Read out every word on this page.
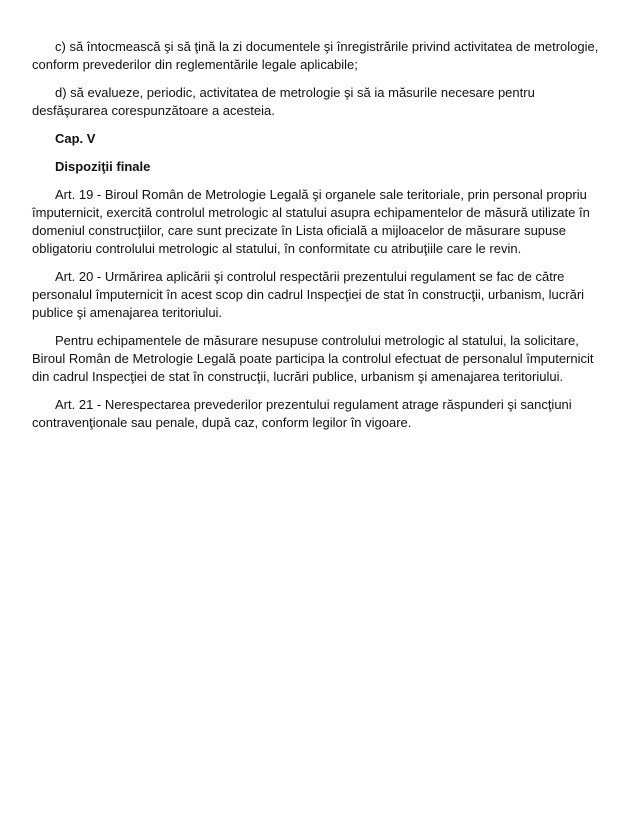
c) să întocmească şi să ţină la zi documentele şi înregistrările privind activitatea de metrologie, conform prevederilor din reglementările legale aplicabile;

d) să evalueze, periodic, activitatea de metrologie şi să ia măsurile necesare pentru desfăşurarea corespunzătoare a acesteia.

Cap. V

Dispoziţii finale

Art. 19 - Biroul Român de Metrologie Legală şi organele sale teritoriale, prin personal propriu împuternicit, exercită controlul metrologic al statului asupra echipamentelor de măsură utilizate în domeniul construcţiilor, care sunt precizate în Lista oficială a mijloacelor de măsurare supuse obligatoriu controlului metrologic al statului, în conformitate cu atribuţiile care le revin.

Art. 20 - Urmărirea aplicării şi controlul respectării prezentului regulament se fac de către personalul împuternicit în acest scop din cadrul Inspecţiei de stat în construcţii, urbanism, lucrări publice şi amenajarea teritoriului.

Pentru echipamentele de măsurare nesupuse controlului metrologic al statului, la solicitare, Biroul Român de Metrologie Legală poate participa la controlul efectuat de personalul împuternicit din cadrul Inspecţiei de stat în construcţii, lucrări publice, urbanism şi amenajarea teritoriului.

Art. 21 - Nerespectarea prevederilor prezentului regulament atrage răspunderi şi sancţiuni contravenţionale sau penale, după caz, conform legilor în vigoare.
